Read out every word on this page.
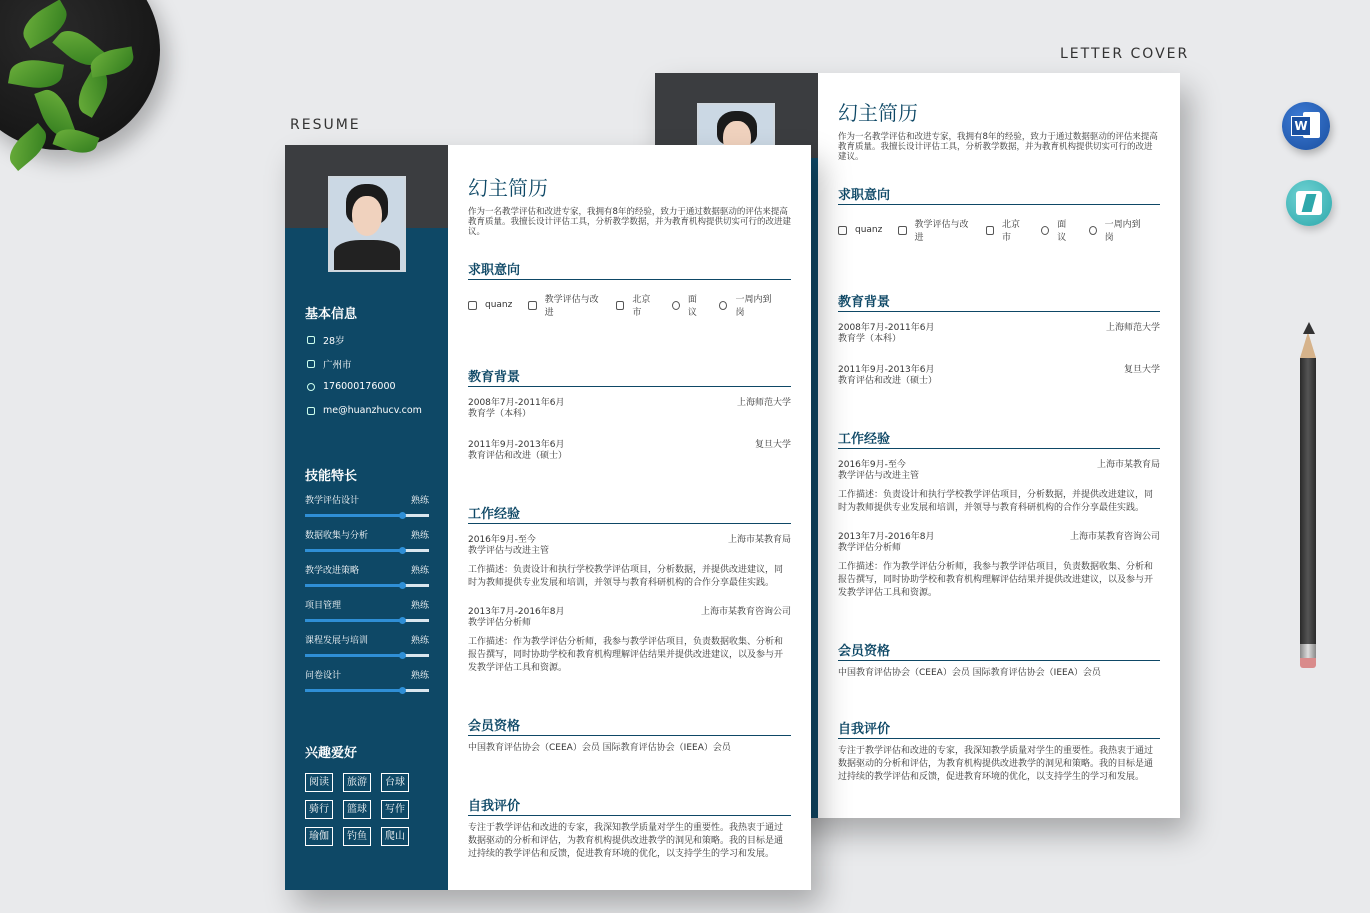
RESUME
LETTER COVER
幻主简历
作为一名教学评估和改进专家，我拥有8年的经验，致力于通过数据驱动的评估来提高教育质量。我擅长设计评估工具，分析教学数据，并为教育机构提供切实可行的改进建议。
求职意向
quanz	教学评估与改进
北京市
面议
一周内到岗
教育背景
2008年7月-2011年6月	上海师范大学
教育学（本科）
2011年9月-2013年6月	复旦大学
教育评估和改进（硕士）
工作经验
2016年9月-至今	上海市某教育局
教学评估与改进主管
工作描述：负责设计和执行学校教学评估项目，分析数据，并提供改进建议，同时为教师提供专业发展和培训，并领导与教育科研机构的合作分享最佳实践。
2013年7月-2016年8月	上海市某教育咨询公司
教学评估分析师
工作描述：作为教学评估分析师，我参与教学评估项目，负责数据收集、分析和报告撰写，同时协助学校和教育机构理解评估结果并提供改进建议，以及参与开发教学评估工具和资源。
会员资格
中国教育评估协会（CEEA）会员 国际教育评估协会（IEEA）会员
自我评价
专注于教学评估和改进的专家，我深知教学质量对学生的重要性。我热衷于通过数据驱动的分析和评估，为教育机构提供改进教学的洞见和策略。我的目标是通过持续的教学评估和反馈，促进教育环境的优化，以支持学生的学习和发展。
基本信息
28岁
广州市
176000176000
me@huanzhucv.com
技能特长
教学评估设计	熟练
数据收集与分析	熟练
教学改进策略	熟练
项目管理	熟练
课程发展与培训	熟练
问卷设计	熟练
兴趣爱好
阅读	旅游	台球
骑行	篮球	写作
瑜伽	钓鱼	爬山
幻主简历
作为一名教学评估和改进专家，我拥有8年的经验，致力于通过数据驱动的评估来提高教育质量。我擅长设计评估工具，分析教学数据，并为教育机构提供切实可行的改进建议。
求职意向
quanz	教学评估与改进
北京市
面议
一周内到岗
教育背景
2008年7月-2011年6月	上海师范大学
教育学（本科）
2011年9月-2013年6月	复旦大学
教育评估和改进（硕士）
工作经验
2016年9月-至今	上海市某教育局
教学评估与改进主管
工作描述：负责设计和执行学校教学评估项目，分析数据，并提供改进建议，同时为教师提供专业发展和培训，并领导与教育科研机构的合作分享最佳实践。
2013年7月-2016年8月	上海市某教育咨询公司
教学评估分析师
工作描述：作为教学评估分析师，我参与教学评估项目，负责数据收集、分析和报告撰写，同时协助学校和教育机构理解评估结果并提供改进建议，以及参与开发教学评估工具和资源。
会员资格
中国教育评估协会（CEEA）会员 国际教育评估协会（IEEA）会员
自我评价
专注于教学评估和改进的专家，我深知教学质量对学生的重要性。我热衷于通过数据驱动的分析和评估，为教育机构提供改进教学的洞见和策略。我的目标是通过持续的教学评估和反馈，促进教育环境的优化，以支持学生的学习和发展。
W
